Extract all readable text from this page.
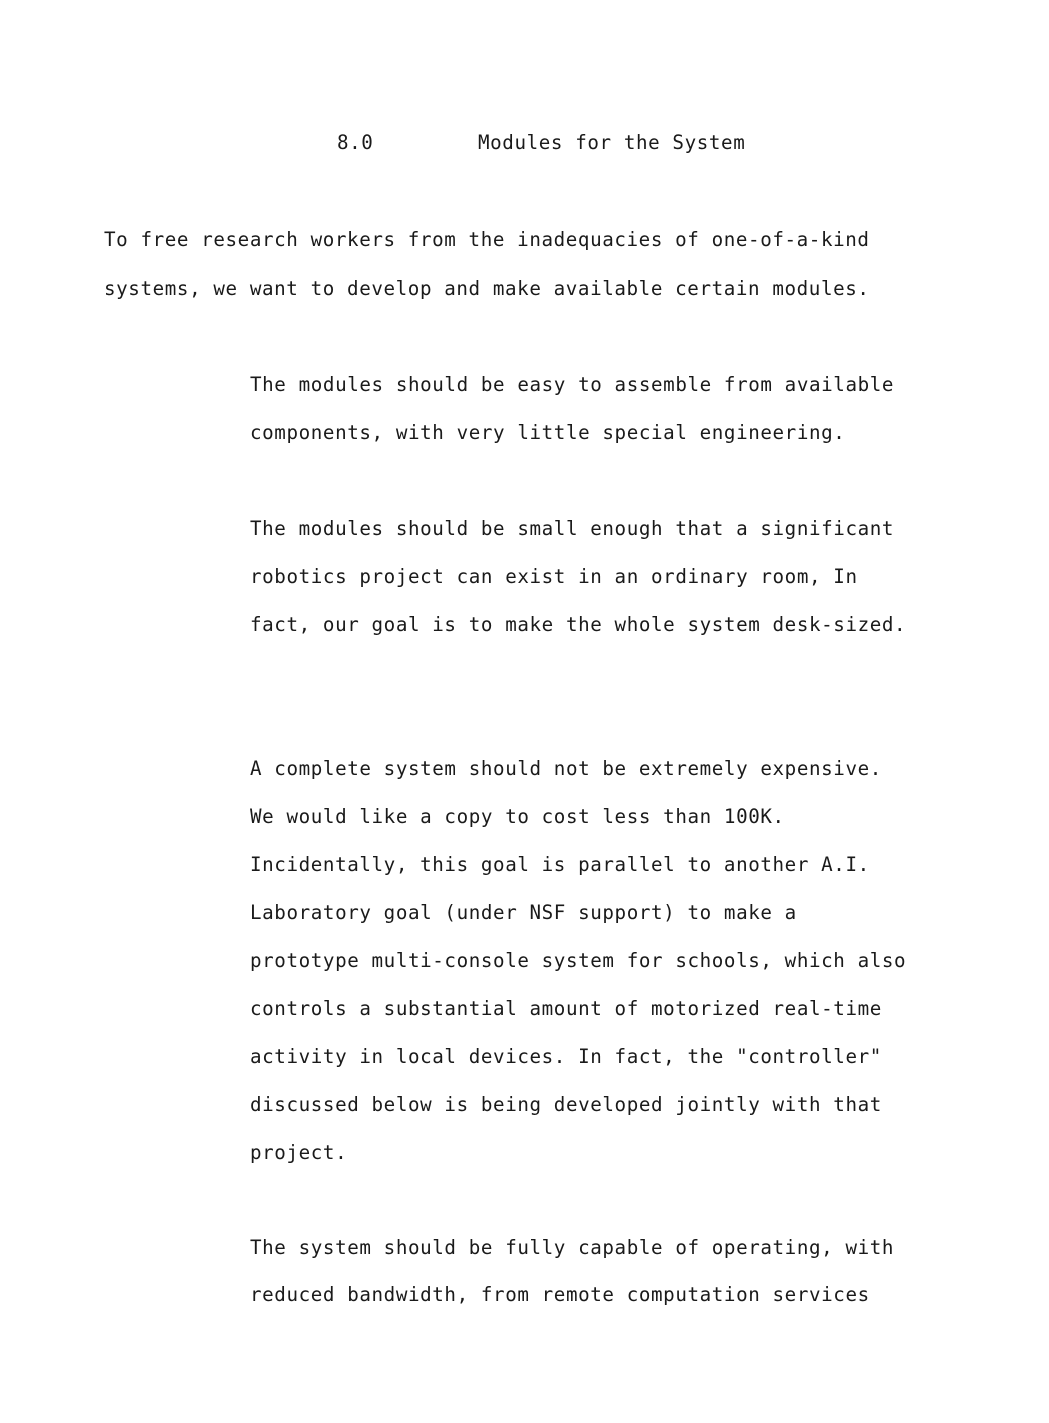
8.0	Modules for the System

To free research workers from the inadequacies of one-of-a-kind

systems, we want to develop and make available certain modules.

The modules should be easy to assemble from available

components, with very little special engineering.

The modules should be small enough that a significant

robotics project can exist in an ordinary room, In

fact, our goal is to make the whole system desk-sized.

A complete system should not be extremely expensive.

We would like a copy to cost less than 100K.

Incidentally, this goal is parallel to another A.I.

Laboratory goal (under NSF support) to make a

prototype multi-console system for schools, which also

controls a substantial amount of motorized real-time

activity in local devices. In fact, the "controller"

discussed below is being developed jointly with that

project.

The system should be fully capable of operating, with

reduced bandwidth, from remote computation services
